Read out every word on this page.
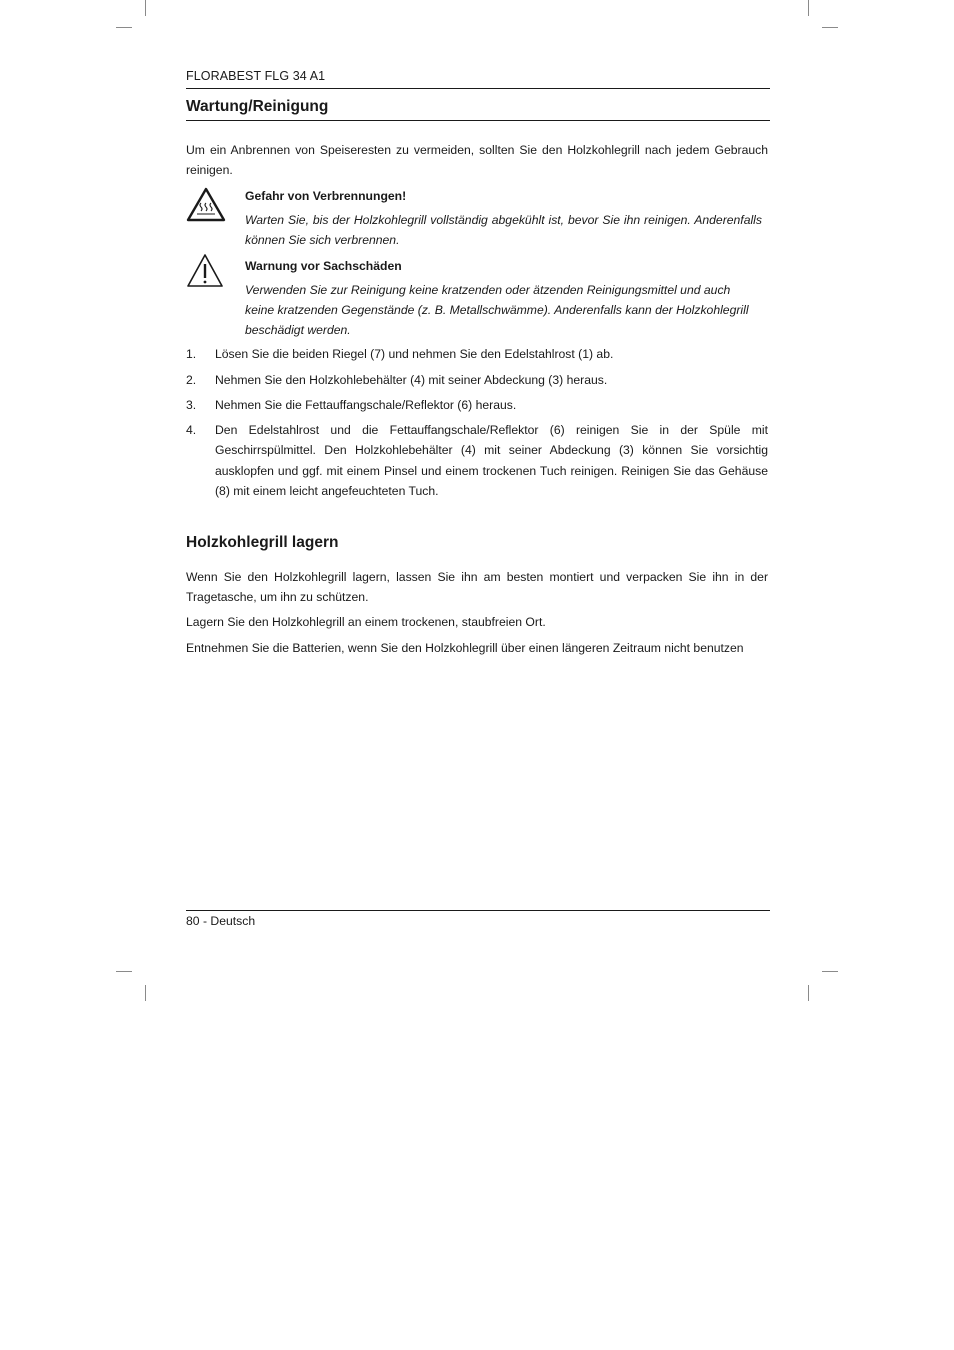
FLORABEST FLG 34 A1
Wartung/Reinigung
Um ein Anbrennen von Speiseresten zu vermeiden, sollten Sie den Holzkohlegrill nach jedem Gebrauch reinigen.
Gefahr von Verbrennungen!
Warten Sie, bis der Holzkohlegrill vollständig abgekühlt ist, bevor Sie ihn reinigen. Anderenfalls können Sie sich verbrennen.
Warnung vor Sachschäden
Verwenden Sie zur Reinigung keine kratzenden oder ätzenden Reinigungsmittel und auch keine kratzenden Gegenstände (z. B. Metallschwämme). Anderenfalls kann der Holzkohlegrill beschädigt werden.
1. Lösen Sie die beiden Riegel (7) und nehmen Sie den Edelstahlrost (1) ab.
2. Nehmen Sie den Holzkohlebehälter (4) mit seiner Abdeckung (3) heraus.
3. Nehmen Sie die Fettauffangschale/Reflektor (6) heraus.
4. Den Edelstahlrost und die Fettauffangschale/Reflektor (6) reinigen Sie in der Spüle mit Geschirrspülmittel. Den Holzkohlebehälter (4) mit seiner Abdeckung (3) können Sie vorsichtig ausklopfen und ggf. mit einem Pinsel und einem trockenen Tuch reinigen. Reinigen Sie das Gehäuse (8) mit einem leicht angefeuchteten Tuch.
Holzkohlegrill lagern
Wenn Sie den Holzkohlegrill lagern, lassen Sie ihn am besten montiert und verpacken Sie ihn in der Tragetasche, um ihn zu schützen.
Lagern Sie den Holzkohlegrill an einem trockenen, staubfreien Ort.
Entnehmen Sie die Batterien, wenn Sie den Holzkohlegrill über einen längeren Zeitraum nicht benutzen
80 - Deutsch
